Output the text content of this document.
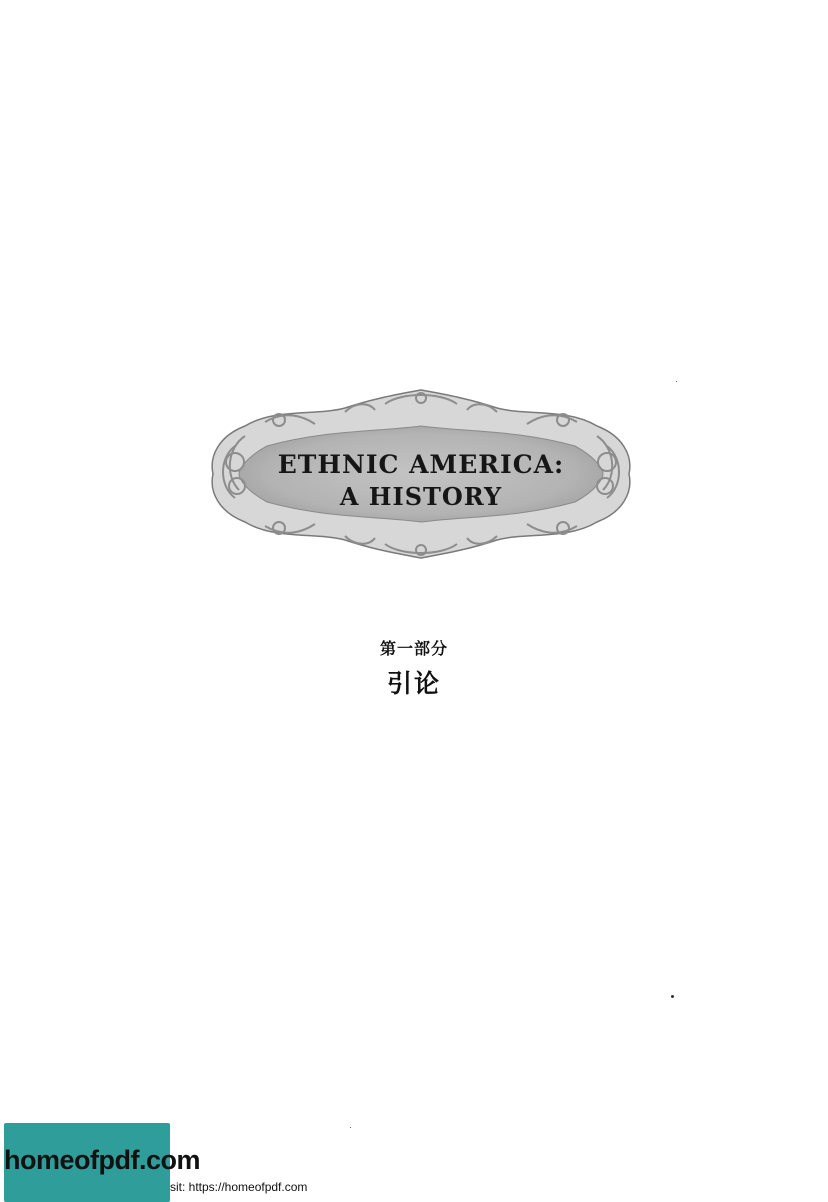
ETHNIC AMERICA:
A HISTORY
第一部分
引论
homeofpdf.com
sit: https://homeofpdf.com
